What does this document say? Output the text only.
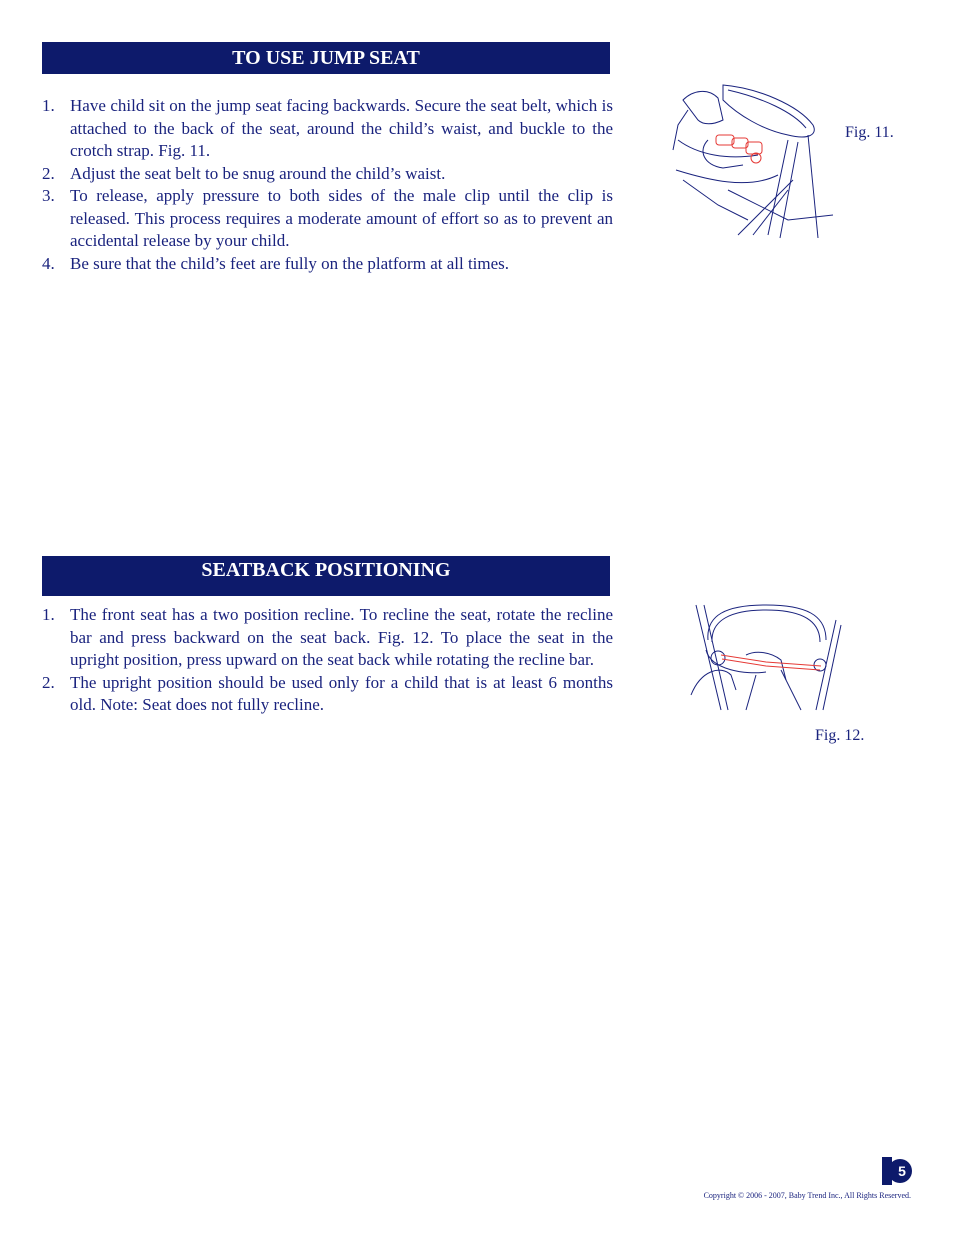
TO USE JUMP SEAT
1. Have child sit on the jump seat facing backwards. Secure the seat belt, which is attached to the back of the seat, around the child’s waist, and buckle to the crotch strap. Fig. 11.
2. Adjust the seat belt to be snug around the child’s waist.
3. To release, apply pressure to both sides of the male clip until the clip is released. This process requires a moderate amount of effort so as to prevent an accidental release by your child.
4. Be sure that the child’s feet are fully on the platform at all times.
Fig. 11.
SEATBACK POSITIONING
1. The front seat has a two position recline. To recline the seat, rotate the recline bar and press backward on the seat back. Fig. 12. To place the seat in the upright position, press upward on the seat back while rotating the recline bar.
2. The upright position should be used only for a child that is at least 6 months old. Note: Seat does not fully recline.
Fig. 12.
5
Copyright © 2006 - 2007, Baby Trend Inc., All Rights Reserved.
